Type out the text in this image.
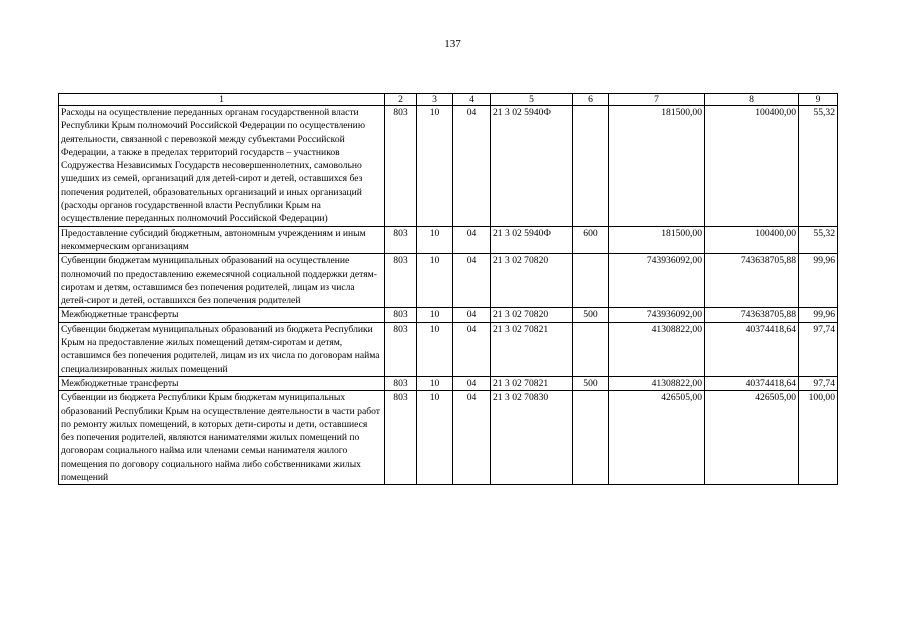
137
1	2	3	4	5	6	7	8	9
Расходы на осуществление переданных органам государственной власти Республики Крым полномочий Российской Федерации по осуществлению деятельности, связанной с перевозкой между субъектами Российской Федерации, а также в пределах территорий государств – участников Содружества Независимых Государств несовершеннолетних, самовольно ушедших из семей, организаций для детей-сирот и детей, оставшихся без попечения родителей, образовательных организаций и иных организаций (расходы органов государственной власти Республики Крым на осуществление переданных полномочий Российской Федерации)	803	10	04	21 3 02 5940Ф		181500,00	100400,00	55,32
Предоставление субсидий бюджетным, автономным учреждениям и иным некоммерческим организациям	803	10	04	21 3 02 5940Ф	600	181500,00	100400,00	55,32
Субвенции бюджетам муниципальных образований на осуществление полномочий по предоставлению ежемесячной социальной поддержки детям-сиротам и детям, оставшимся без попечения родителей, лицам из числа детей-сирот и детей, оставшихся без попечения родителей	803	10	04	21 3 02 70820		743936092,00	743638705,88	99,96
Межбюджетные трансферты	803	10	04	21 3 02 70820	500	743936092,00	743638705,88	99,96
Субвенции бюджетам муниципальных образований из бюджета Республики Крым на предоставление жилых помещений детям-сиротам и детям, оставшимся без попечения родителей, лицам из их числа по договорам найма специализированных жилых помещений	803	10	04	21 3 02 70821		41308822,00	40374418,64	97,74
Межбюджетные трансферты	803	10	04	21 3 02 70821	500	41308822,00	40374418,64	97,74
Субвенции из бюджета Республики Крым бюджетам муниципальных образований Республики Крым на осуществление деятельности в части работ по ремонту жилых помещений, в которых дети-сироты и дети, оставшиеся без попечения родителей, являются нанимателями жилых помещений по договорам социального найма или членами семьи нанимателя жилого помещения по договору социального найма либо собственниками жилых помещений	803	10	04	21 3 02 70830		426505,00	426505,00	100,00
